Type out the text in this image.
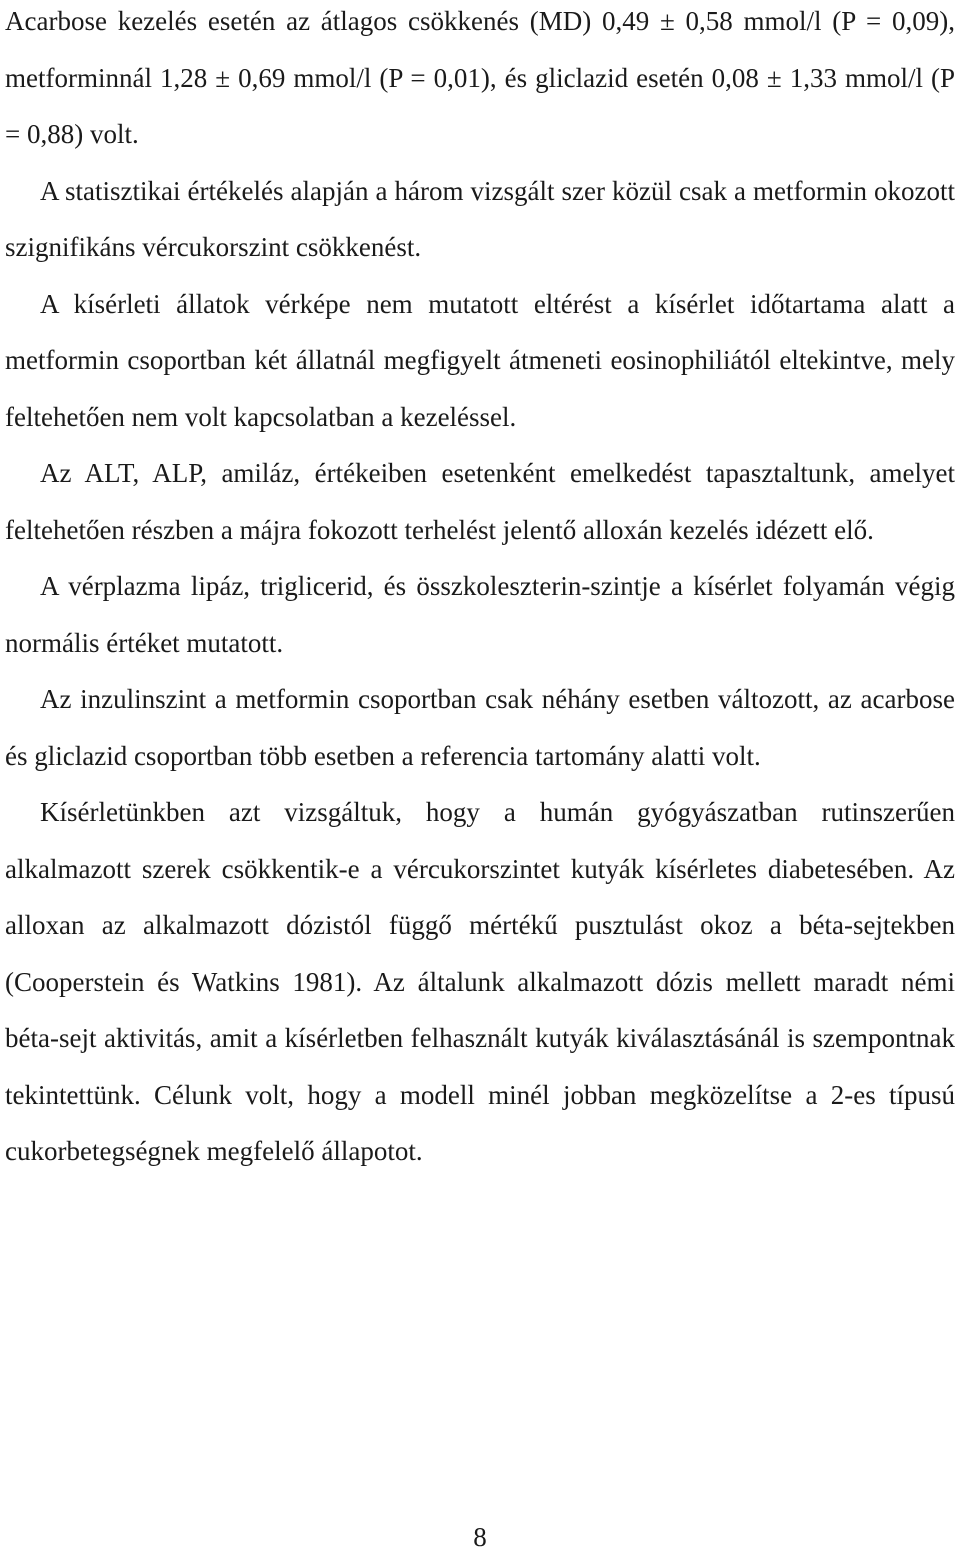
Acarbose kezelés esetén az átlagos csökkenés (MD) 0,49 ± 0,58 mmol/l (P = 0,09), metforminnál 1,28 ± 0,69 mmol/l (P = 0,01), és gliclazid esetén 0,08 ± 1,33 mmol/l (P = 0,88) volt.

A statisztikai értékelés alapján a három vizsgált szer közül csak a metformin okozott szignifikáns vércukorszint csökkenést.

A kísérleti állatok vérképe nem mutatott eltérést a kísérlet időtartama alatt a metformin csoportban két állatnál megfigyelt átmeneti eosinophiliától eltekintve, mely feltehetően nem volt kapcsolatban a kezeléssel.

Az ALT, ALP, amiláz, értékeiben esetenként emelkedést tapasztaltunk, amelyet feltehetően részben a májra fokozott terhelést jelentő alloxán kezelés idézett elő.

A vérplazma lipáz, triglicerid, és összkoleszterin-szintje a kísérlet folyamán végig normális értéket mutatott.

Az inzulinszint a metformin csoportban csak néhány esetben változott, az acarbose és gliclazid csoportban több esetben a referencia tartomány alatti volt.

Kísérletünkben azt vizsgáltuk, hogy a humán gyógyászatban rutinszerűen alkalmazott szerek csökkentik-e a vércukorszintet kutyák kísérletes diabetesében. Az alloxan az alkalmazott dózistól függő mértékű pusztulást okoz a béta-sejtekben (Cooperstein és Watkins 1981). Az általunk alkalmazott dózis mellett maradt némi béta-sejt aktivitás, amit a kísérletben felhasznált kutyák kiválasztásánál is szempontnak tekintettünk. Célunk volt, hogy a modell minél jobban megközelítse a 2-es típusú cukorbetegségnek megfelelő állapotot.

8
